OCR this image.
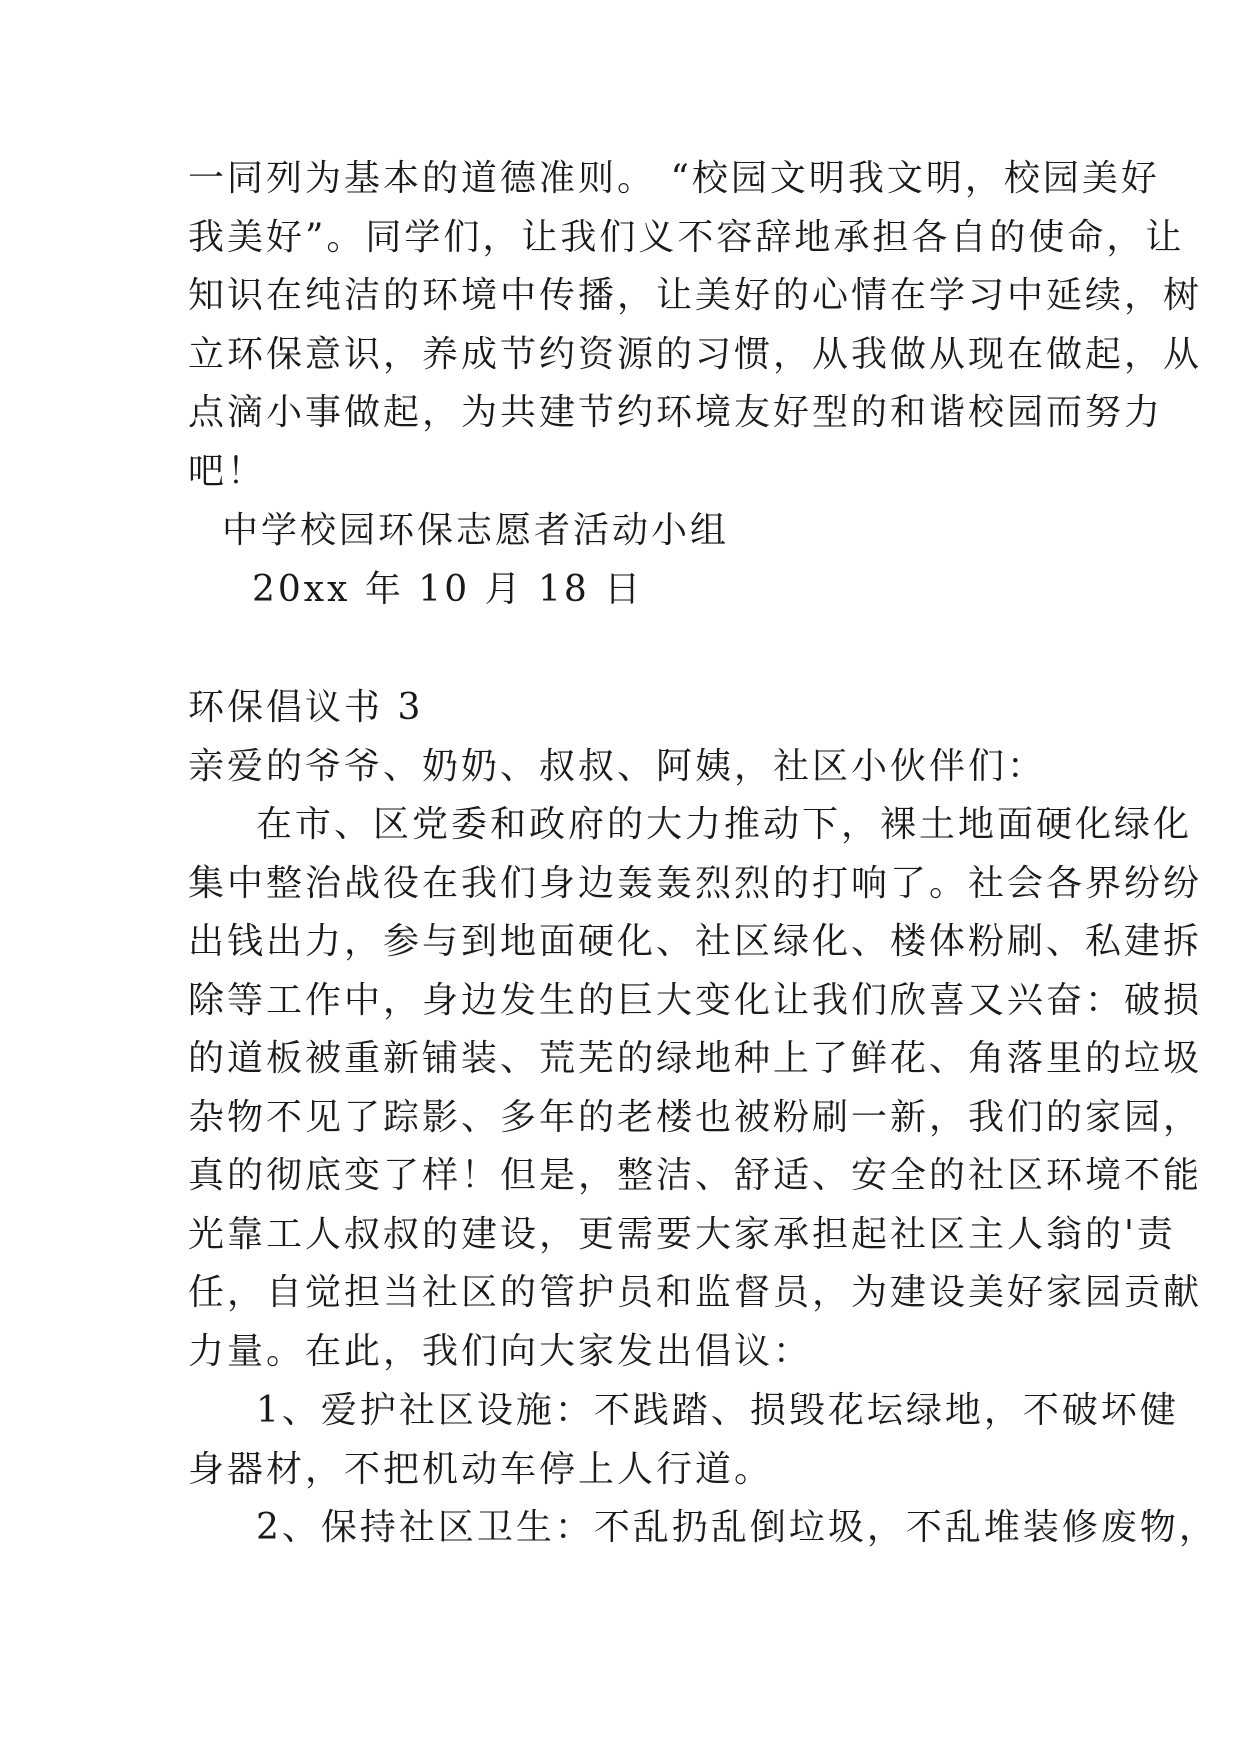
一同列为基本的道德准则。 “校园文明我文明，校园美好
我美好”。同学们，让我们义不容辞地承担各自的使命，让
知识在纯洁的环境中传播，让美好的心情在学习中延续，树
立环保意识，养成节约资源的习惯，从我做从现在做起，从
点滴小事做起，为共建节约环境友好型的和谐校园而努力
吧！
中学校园环保志愿者活动小组
20xx 年 10 月 18 日
环保倡议书 3
亲爱的爷爷、奶奶、叔叔、阿姨，社区小伙伴们：
在市、区党委和政府的大力推动下，裸土地面硬化绿化
集中整治战役在我们身边轰轰烈烈的打响了。社会各界纷纷
出钱出力，参与到地面硬化、社区绿化、楼体粉刷、私建拆
除等工作中，身边发生的巨大变化让我们欣喜又兴奋：破损
的道板被重新铺装、荒芜的绿地种上了鲜花、角落里的垃圾
杂物不见了踪影、多年的老楼也被粉刷一新，我们的家园，
真的彻底变了样！但是，整洁、舒适、安全的社区环境不能
光靠工人叔叔的建设，更需要大家承担起社区主人翁的'责
任，自觉担当社区的管护员和监督员，为建设美好家园贡献
力量。在此，我们向大家发出倡议：
1、爱护社区设施：不践踏、损毁花坛绿地，不破坏健
身器材，不把机动车停上人行道。
2、保持社区卫生：不乱扔乱倒垃圾，不乱堆装修废物，
